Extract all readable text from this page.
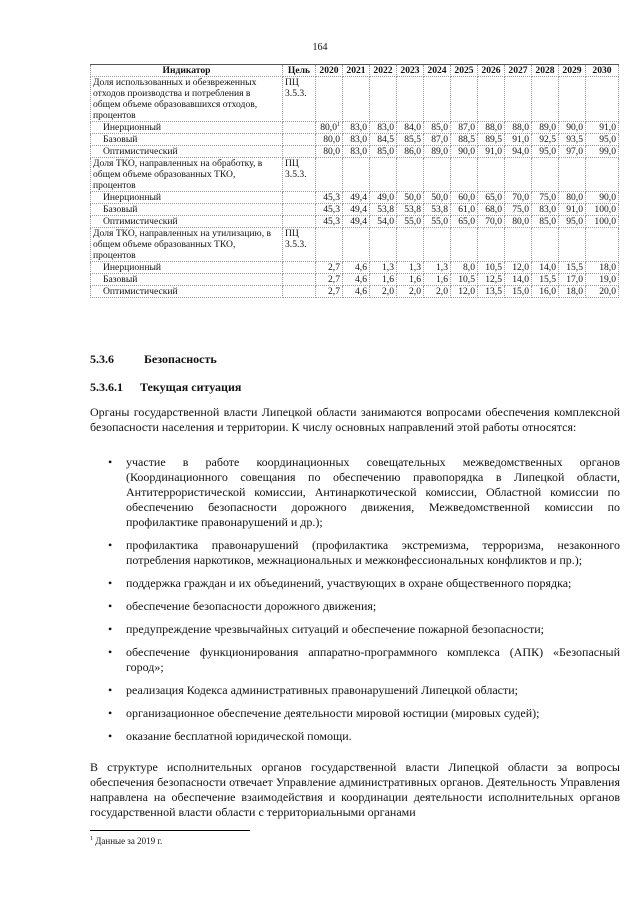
164
Индикатор	Цель	2020	2021	2022	2023	2024	2025	2026	2027	2028	2029	2030
Доля использованных и обезвреженных отходов производства и потребления в общем объеме образовавшихся отходов, процентов	ПЦ 3.5.3.											
Инерционный		80,0$^1$	83,0	83,0	84,0	85,0	87,0	88,0	88,0	89,0	90,0	91,0
Базовый		80,0	83,0	84,5	85,5	87,0	88,5	89,5	91,0	92,5	93,5	95,0
Оптимистический		80,0	83,0	85,0	86,0	89,0	90,0	91,0	94,0	95,0	97,0	99,0
Доля ТКО, направленных на обработку, в общем объеме образованных ТКО, процентов	ПЦ 3.5.3.											
Инерционный		45,3	49,4	49,0	50,0	50,0	60,0	65,0	70,0	75,0	80,0	90,0
Базовый		45,3	49,4	53,8	53,8	53,8	61,0	68,0	75,0	83,0	91,0	100,0
Оптимистический		45,3	49,4	54,0	55,0	55,0	65,0	70,0	80,0	85,0	95,0	100,0
Доля ТКО, направленных на утилизацию, в общем объеме образованных ТКО, процентов	ПЦ 3.5.3.											
Инерционный		2,7	4,6	1,3	1,3	1,3	8,0	10,5	12,0	14,0	15,5	18,0
Базовый		2,7	4,6	1,6	1,6	1,6	10,5	12,5	14,0	15,5	17,0	19,0
Оптимистический		2,7	4,6	2,0	2,0	2,0	12,0	13,5	15,0	16,0	18,0	20,0
5.3.6	Безопасность
5.3.6.1 Текущая ситуация
Органы государственной власти Липецкой области занимаются вопросами обеспечения комплексной безопасности населения и территории. К числу основных направлений этой работы относятся:
• участие в работе координационных совещательных межведомственных органов (Координационного совещания по обеспечению правопорядка в Липецкой области, Антитеррористической комиссии, Антинаркотической комиссии, Областной комиссии по обеспечению безопасности дорожного движения, Межведомственной комиссии по профилактике правонарушений и др.);
• профилактика правонарушений (профилактика экстремизма, терроризма, незаконного потребления наркотиков, межнациональных и межконфессиональных конфликтов и пр.);
• поддержка граждан и их объединений, участвующих в охране общественного порядка;
• обеспечение безопасности дорожного движения;
• предупреждение чрезвычайных ситуаций и обеспечение пожарной безопасности;
• обеспечение функционирования аппаратно-программного комплекса (АПК) «Безопасный город»;
• реализация Кодекса административных правонарушений Липецкой области;
• организационное обеспечение деятельности мировой юстиции (мировых судей);
• оказание бесплатной юридической помощи.
В структуре исполнительных органов государственной власти Липецкой области за вопросы обеспечения безопасности отвечает Управление административных органов. Деятельность Управления направлена на обеспечение взаимодействия и координации деятельности исполнительных органов государственной власти области с территориальными органами
$^1$ Данные за 2019 г.
